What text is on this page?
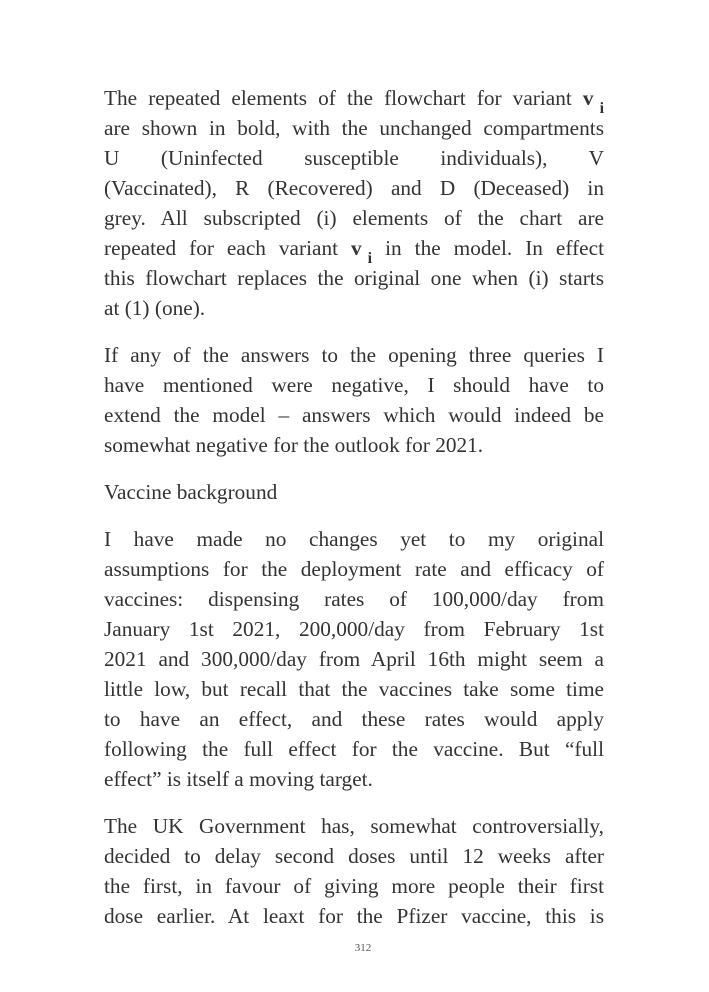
The repeated elements of the flowchart for variant v $_i$
are shown in bold, with the unchanged compartments
U (Uninfected susceptible individuals), V
(Vaccinated), R (Recovered) and D (Deceased) in
grey. All subscripted (i) elements of the chart are
repeated for each variant v $_i$ in the model. In effect
this flowchart replaces the original one when (i) starts
at (1) (one).
If any of the answers to the opening three queries I
have mentioned were negative, I should have to
extend the model – answers which would indeed be
somewhat negative for the outlook for 2021.
Vaccine background
I have made no changes yet to my original
assumptions for the deployment rate and efficacy of
vaccines: dispensing rates of 100,000/day from
January 1st 2021, 200,000/day from February 1st
2021 and 300,000/day from April 16th might seem a
little low, but recall that the vaccines take some time
to have an effect, and these rates would apply
following the full effect for the vaccine. But “full
effect” is itself a moving target.
The UK Government has, somewhat controversially,
decided to delay second doses until 12 weeks after
the first, in favour of giving more people their first
dose earlier. At leaxt for the Pfizer vaccine, this is
312
